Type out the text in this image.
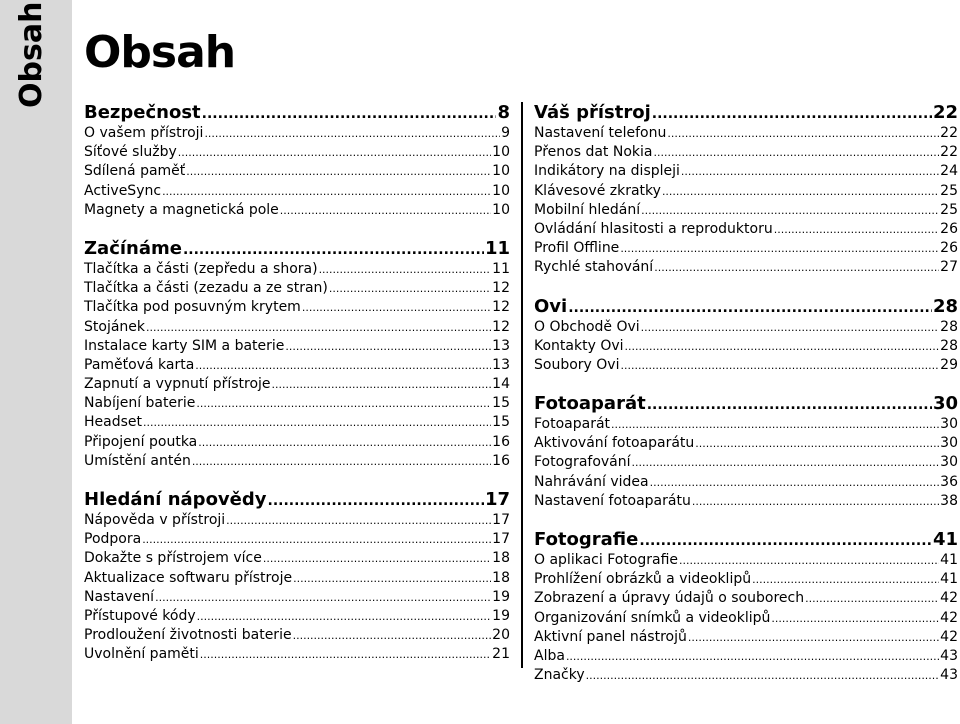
Obsah Obsah
Bezpečnost .....	8
O vašem přístroji .....	9
Síťové služby .....	10
Sdílená paměť .....	10
ActiveSync .....	10
Magnety a magnetická pole .....	10
Začínáme .....	11
Tlačítka a části (zepředu a shora) .....	11
Tlačítka a části (zezadu a ze stran) .....	12
Tlačítka pod posuvným krytem .....	12
Stojánek .....	12
Instalace karty SIM a baterie .....	13
Paměťová karta .....	13
Zapnutí a vypnutí přístroje .....	14
Nabíjení baterie .....	15
Headset .....	15
Připojení poutka .....	16
Umístění antén .....	16
Hledání nápovědy .....	17
Nápověda v přístroji .....	17
Podpora .....	17
Dokažte s přístrojem více .....	18
Aktualizace softwaru přístroje .....	18
Nastavení .....	19
Přístupové kódy .....	19
Prodloužení životnosti baterie .....	20
Uvolnění paměti .....	21
Váš přístroj .....	22
Nastavení telefonu .....	22
Přenos dat Nokia .....	22
Indikátory na displeji .....	24
Klávesové zkratky .....	25
Mobilní hledání .....	25
Ovládání hlasitosti a reproduktoru .....	26
Profil Offline .....	26
Rychlé stahování .....	27
Ovi .....	28
O Obchodě Ovi .....	28
Kontakty Ovi .....	28
Soubory Ovi .....	29
Fotoaparát .....	30
Fotoaparát .....	30
Aktivování fotoaparátu .....	30
Fotografování .....	30
Nahrávání videa .....	36
Nastavení fotoaparátu .....	38
Fotografie .....	41
O aplikaci Fotografie .....	41
Prohlížení obrázků a videoklipů .....	41
Zobrazení a úpravy údajů o souborech .....	42
Organizování snímků a videoklipů .....	42
Aktivní panel nástrojů .....	42
Alba .....	43
Značky .....	43
